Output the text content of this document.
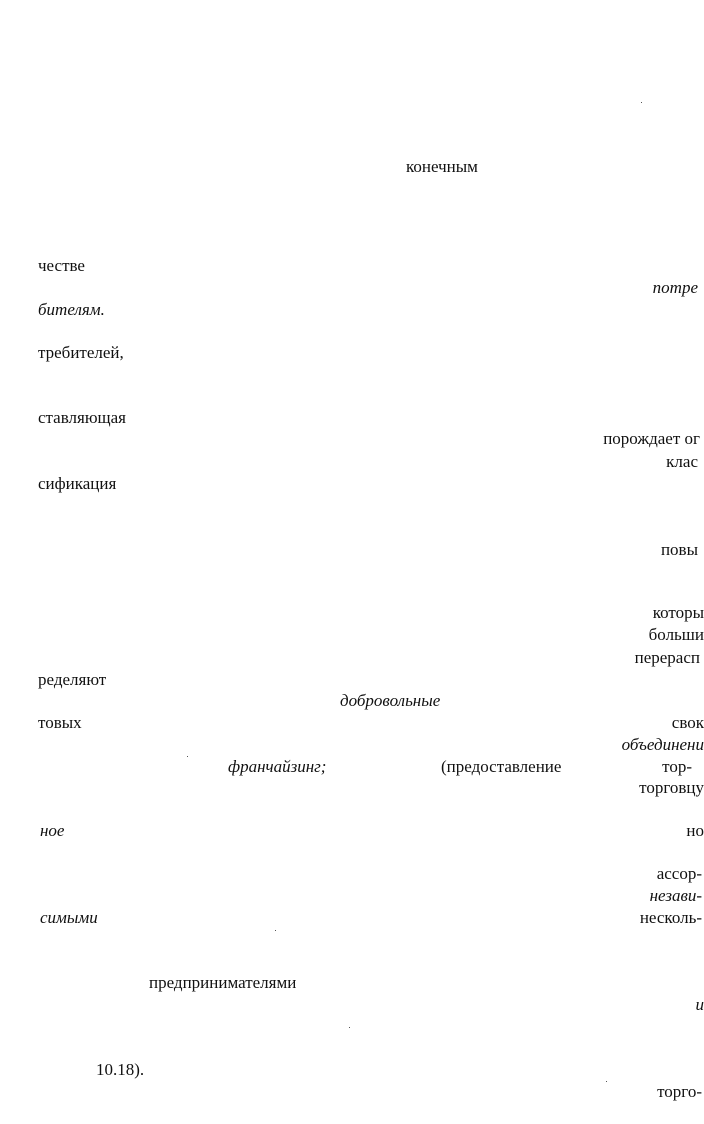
конечным
честве
потре
бителям.
требителей,
ставляющая
порождает ог
клас
сификация
повы
которы
больши
перерасп
ределяют
добровольные
товых	свок
объединени
франчайзинг;	(предоставление	тор-
торговцу
ное	но
ассор-
незави-
симыми	несколь-
предпринимателями
и
10.18).
торго-
